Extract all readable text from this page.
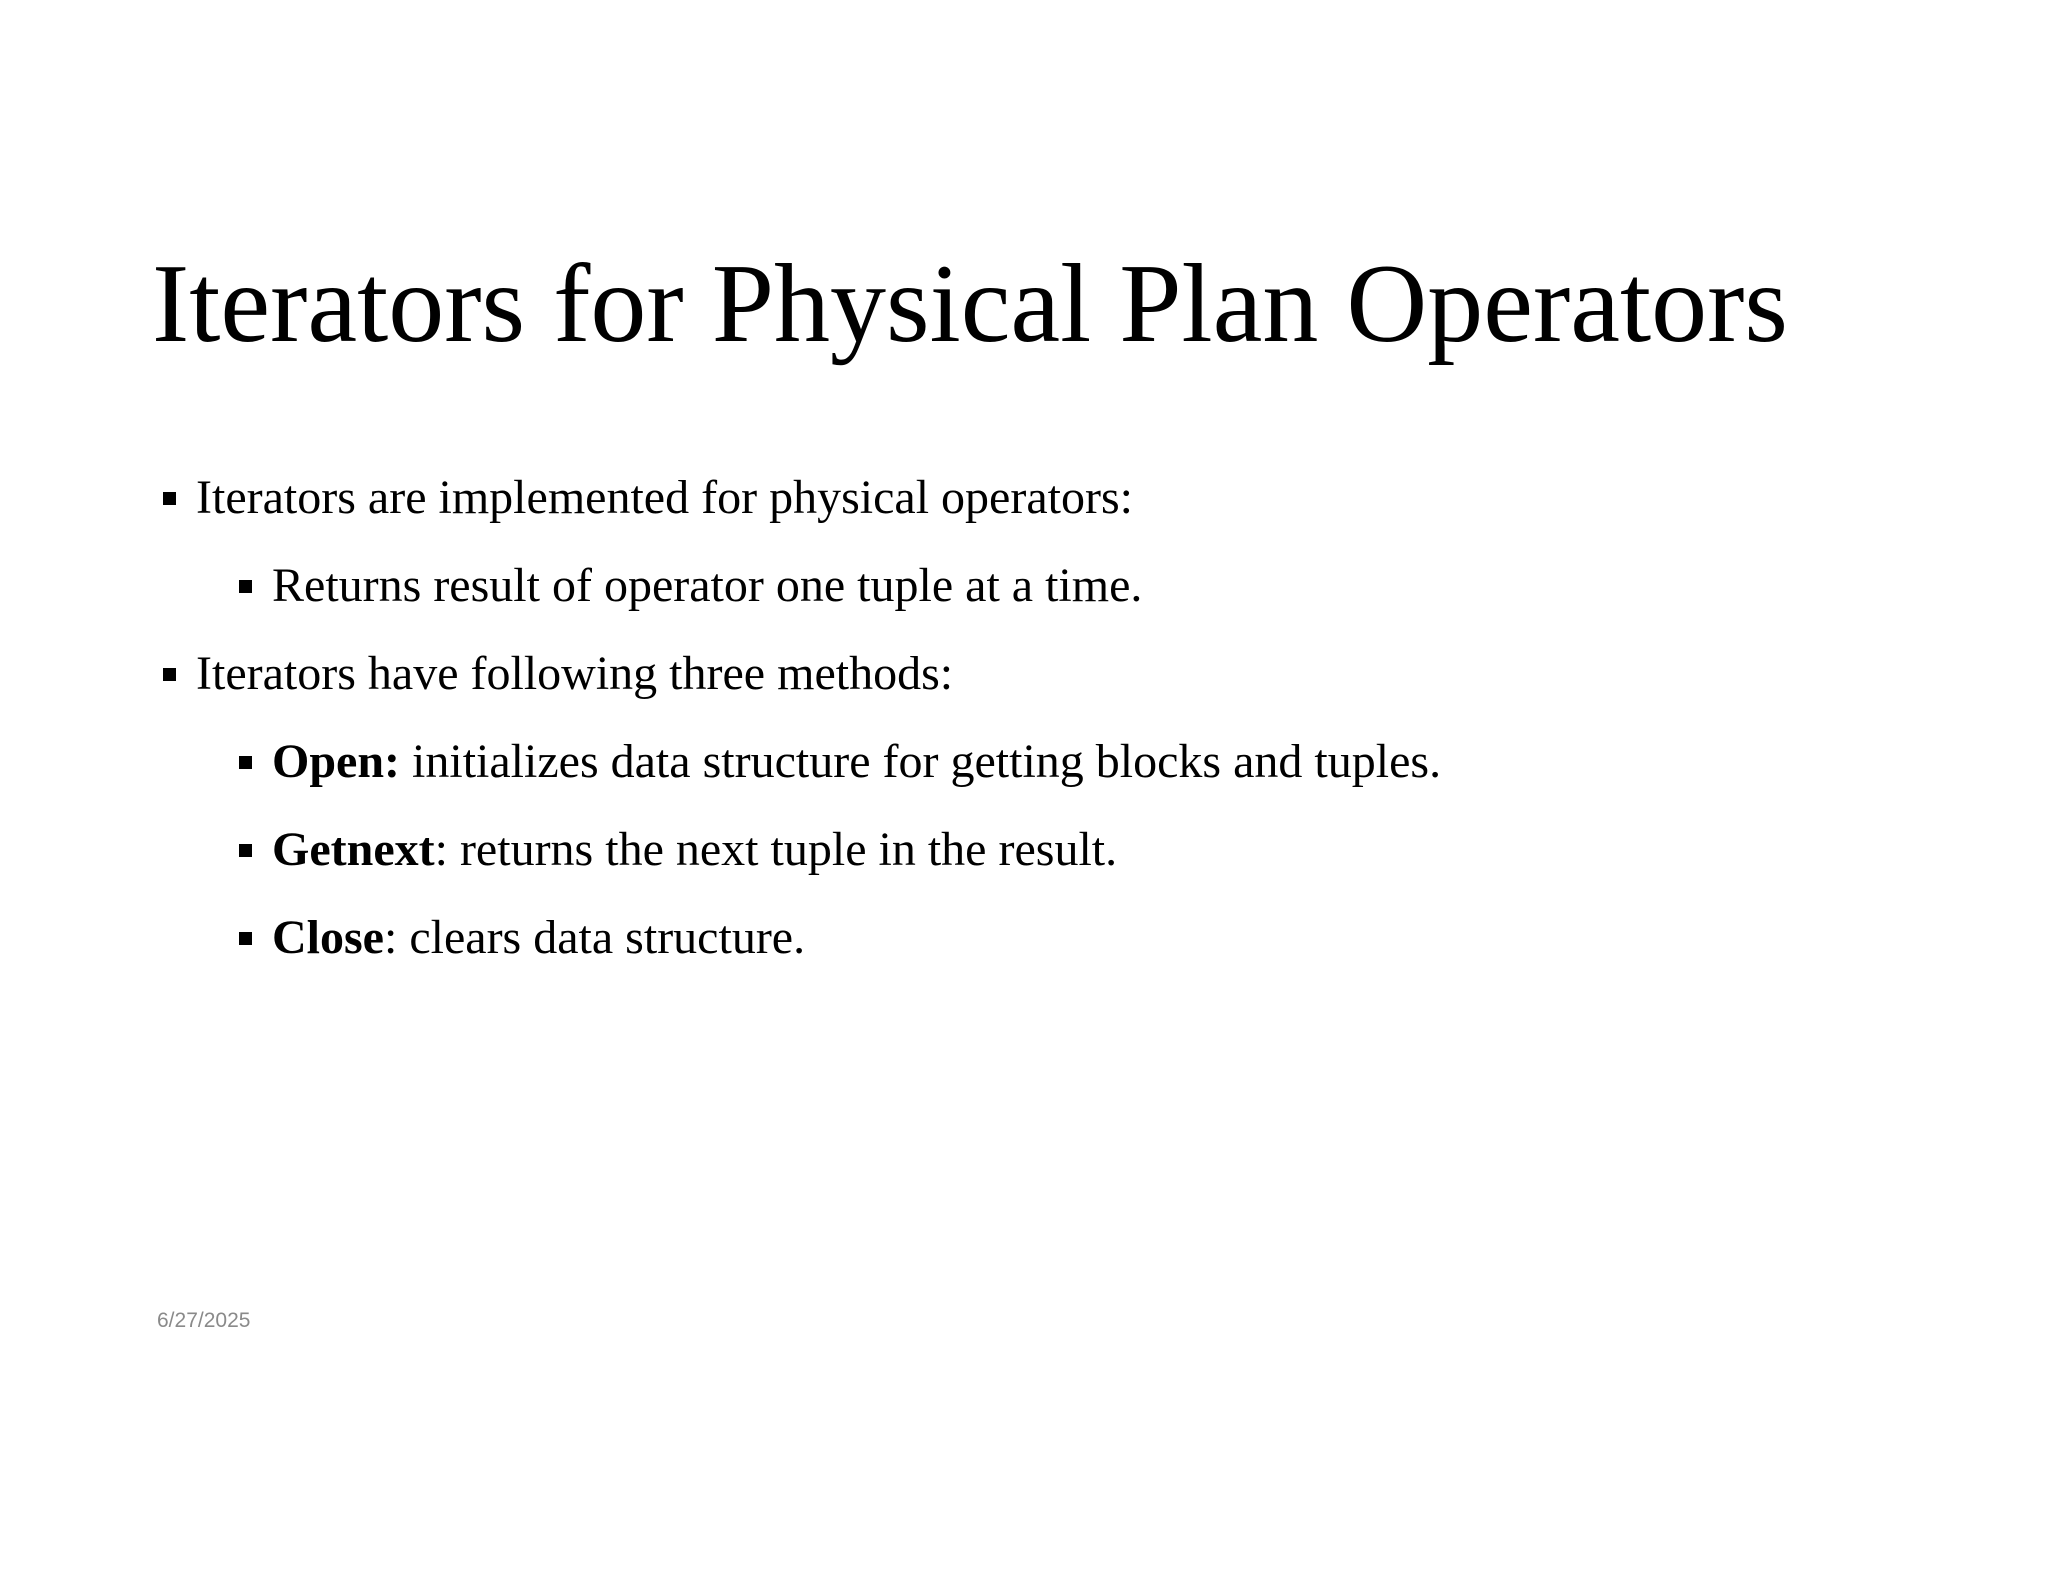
Iterators for Physical Plan Operators
Iterators are implemented for physical operators:
Returns result of operator one tuple at a time.
Iterators have following three methods:
Open: initializes data structure for getting blocks and tuples.
Getnext: returns the next tuple in the result.
Close: clears data structure.
6/27/2025
